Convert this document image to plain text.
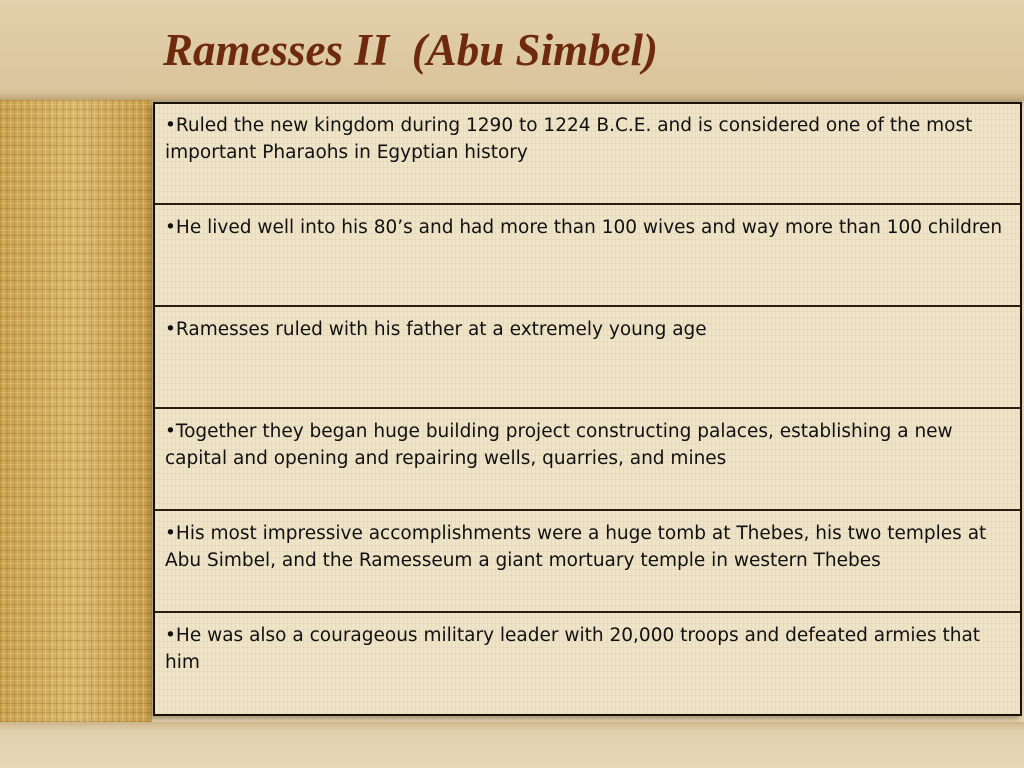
Ramesses II  (Abu Simbel)

•Ruled the new kingdom during 1290 to 1224 B.C.E. and is considered one of the most important Pharaohs in Egyptian history

•He lived well into his 80’s and had more than 100 wives and way more than 100 children

•Ramesses ruled with his father at a extremely young age

•Together they began huge building project constructing palaces, establishing a new capital and opening and repairing wells, quarries, and mines

•His most impressive accomplishments were a huge tomb at Thebes, his two temples at Abu Simbel, and the Ramesseum a giant mortuary temple in western Thebes

•He was also a courageous military leader with 20,000 troops and defeated armies that him
